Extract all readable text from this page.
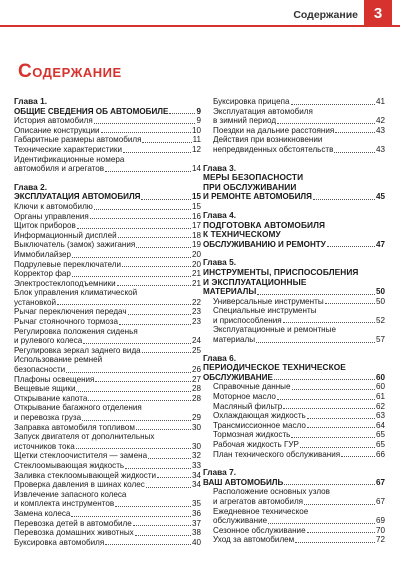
Содержание	3
Содержание
Глава 1.
ОБЩИЕ СВЕДЕНИЯ ОБ АВТОМОБИЛЕ	9
История автомобиля	9
Описание конструкции	10
Габаритные размеры автомобиля	11
Технические характеристики	12
Идентификационные номера
автомобиля и агрегатов	14
Глава 2.
ЭКСПЛУАТАЦИЯ АВТОМОБИЛЯ	15
Ключи к автомобилю	15
Органы управления	16
Щиток приборов	17
Информационный дисплей	18
Выключатель (замок) зажигания	19
Иммобилайзер	20
Подрулевые переключатели	20
Корректор фар	21
Электростеклоподъемники	21
Блок управления климатической
установкой	22
Рычаг переключения передач	23
Рычаг стояночного тормоза	23
Регулировка положения сиденья
и рулевого колеса	24
Регулировка зеркал заднего вида	25
Использование ремней
безопасности	26
Плафоны освещения	27
Вещевые ящики	28
Открывание капота	28
Открывание багажного отделения
и перевозка груза	29
Заправка автомобиля топливом	30
Запуск двигателя от дополнительных
источников тока	30
Щетки стеклоочистителя — замена	32
Стеклоомывающая жидкость	33
Заливка стеклоомывающей жидкости	34
Проверка давления в шинах колес	34
Извлечение запасного колеса
и комплекта инструментов	35
Замена колеса	36
Перевозка детей в автомобиле	37
Перевозка домашних животных	38
Буксировка автомобиля	40
Буксировка прицепа	41
Эксплуатация автомобиля
в зимний период	42
Поездки на дальние расстояния	43
Действия при возникновении
непредвиденных обстоятельств	43
Глава 3.
МЕРЫ БЕЗОПАСНОСТИ
ПРИ ОБСЛУЖИВАНИИ
И РЕМОНТЕ АВТОМОБИЛЯ	45
Глава 4.
ПОДГОТОВКА АВТОМОБИЛЯ
К ТЕХНИЧЕСКОМУ
ОБСЛУЖИВАНИЮ И РЕМОНТУ	47
Глава 5.
ИНСТРУМЕНТЫ, ПРИСПОСОБЛЕНИЯ
И ЭКСПЛУАТАЦИОННЫЕ
МАТЕРИАЛЫ	50
Универсальные инструменты	50
Специальные инструменты
и приспособления	52
Эксплуатационные и ремонтные
материалы	57
Глава 6.
ПЕРИОДИЧЕСКОЕ ТЕХНИЧЕСКОЕ
ОБСЛУЖИВАНИЕ	60
Справочные данные	60
Моторное масло	61
Масляный фильтр	62
Охлаждающая жидкость	63
Трансмиссионное масло	64
Тормозная жидкость	65
Рабочая жидкость ГУР	65
План технического обслуживания	66
Глава 7.
ВАШ АВТОМОБИЛЬ	67
Расположение основных узлов
и агрегатов автомобиля	67
Ежедневное техническое
обслуживание	69
Сезонное обслуживание	70
Уход за автомобилем	72
